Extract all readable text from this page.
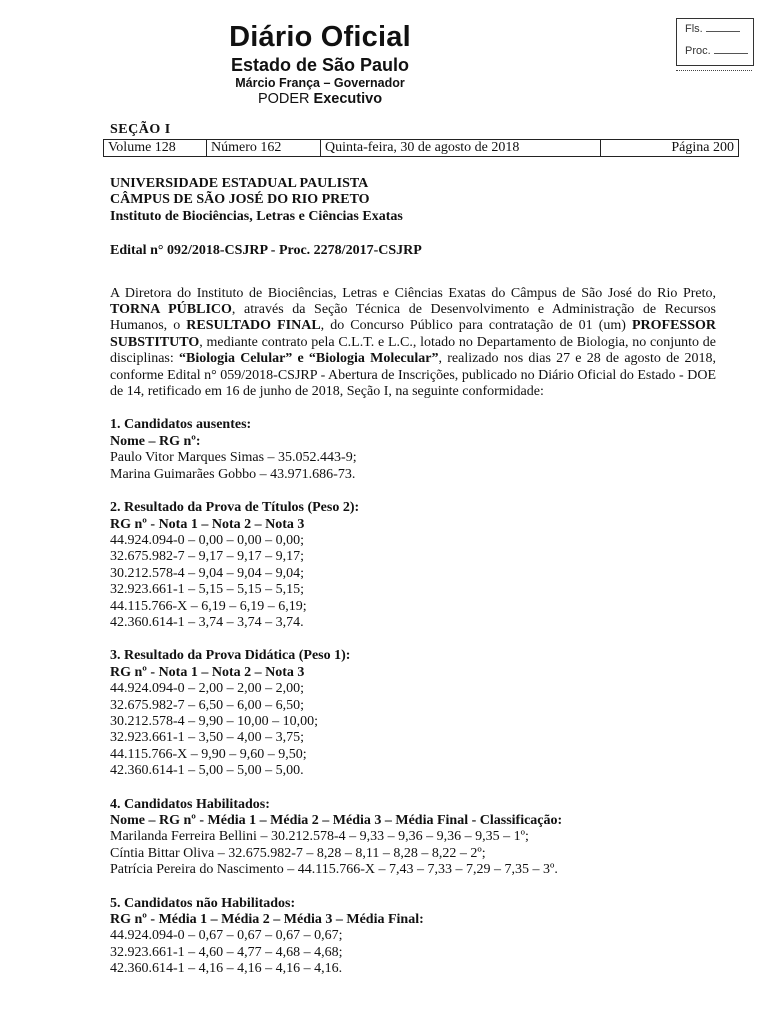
Diário Oficial
Estado de São Paulo
Márcio França – Governador
PODER Executivo
Fls.
Proc.
SEÇÃO I
Volume 128	Número 162	Quinta-feira, 30 de agosto de 2018	Página 200

UNIVERSIDADE ESTADUAL PAULISTA

CÂMPUS DE SÃO JOSÉ DO RIO PRETO

Instituto de Biociências, Letras e Ciências Exatas

Edital n° 092/2018-CSJRP - Proc. 2278/2017-CSJRP

A Diretora do Instituto de Biociências, Letras e Ciências Exatas do Câmpus de São José do Rio Preto, TORNA PÚBLICO, através da Seção Técnica de Desenvolvimento e Administração de Recursos Humanos, o RESULTADO FINAL, do Concurso Público para contratação de 01 (um) PROFESSOR SUBSTITUTO, mediante contrato pela C.L.T. e L.C., lotado no Departamento de Biologia, no conjunto de disciplinas: “Biologia Celular” e “Biologia Molecular”, realizado nos dias 27 e 28 de agosto de 2018, conforme Edital n° 059/2018-CSJRP - Abertura de Inscrições, publicado no Diário Oficial do Estado - DOE de 14, retificado em 16 de junho de 2018, Seção I, na seguinte conformidade:

1. Candidatos ausentes:

Nome – RG nº:

Paulo Vitor Marques Simas – 35.052.443-9;

Marina Guimarães Gobbo – 43.971.686-73.

2. Resultado da Prova de Títulos (Peso 2):

RG nº - Nota 1 – Nota 2 – Nota 3

44.924.094-0 – 0,00 – 0,00 – 0,00;

32.675.982-7 – 9,17 – 9,17 – 9,17;

30.212.578-4 – 9,04 – 9,04 – 9,04;

32.923.661-1 – 5,15 – 5,15 – 5,15;

44.115.766-X – 6,19 – 6,19 – 6,19;

42.360.614-1 – 3,74 – 3,74 – 3,74.

3. Resultado da Prova Didática (Peso 1):

RG nº - Nota 1 – Nota 2 – Nota 3

44.924.094-0 – 2,00 – 2,00 – 2,00;

32.675.982-7 – 6,50 – 6,00 – 6,50;

30.212.578-4 – 9,90 – 10,00 – 10,00;

32.923.661-1 – 3,50 – 4,00 – 3,75;

44.115.766-X – 9,90 – 9,60 – 9,50;

42.360.614-1 – 5,00 – 5,00 – 5,00.

4. Candidatos Habilitados:

Nome – RG nº - Média 1 – Média 2 – Média 3 – Média Final - Classificação:

Marilanda Ferreira Bellini – 30.212.578-4 – 9,33 – 9,36 – 9,36 – 9,35 – 1º;

Cíntia Bittar Oliva – 32.675.982-7 – 8,28 – 8,11 – 8,28 – 8,22 – 2º;

Patrícia Pereira do Nascimento – 44.115.766-X – 7,43 – 7,33 – 7,29 – 7,35 – 3º.

5. Candidatos não Habilitados:

RG nº - Média 1 – Média 2 – Média 3 – Média Final:

44.924.094-0 – 0,67 – 0,67 – 0,67 – 0,67;

32.923.661-1 – 4,60 – 4,77 – 4,68 – 4,68;

42.360.614-1 – 4,16 – 4,16 – 4,16 – 4,16.
